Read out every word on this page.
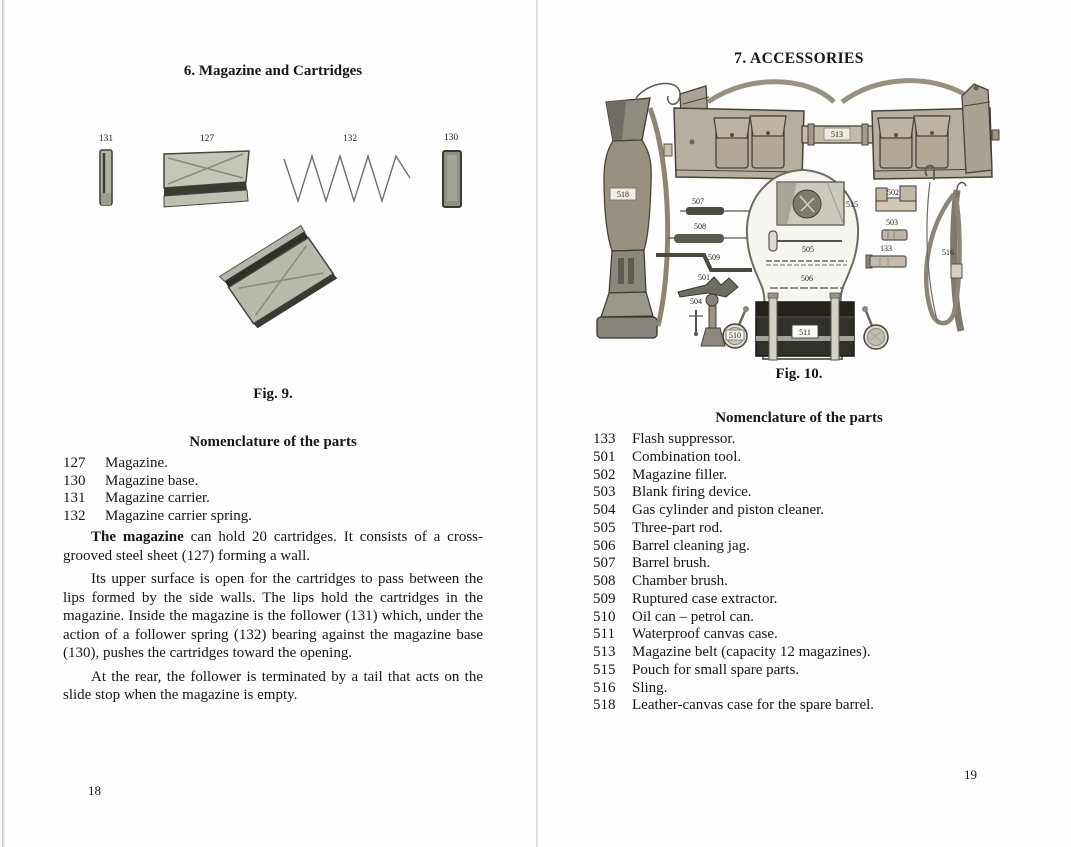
6. Magazine and Cartridges
131	127	132	130
Fig. 9.
Nomenclature of the parts
127	Magazine.
130	Magazine base.
131	Magazine carrier.
132	Magazine carrier spring.

The magazine can hold 20 cartridges. It consists of a cross-grooved steel sheet (127) forming a wall.

Its upper surface is open for the cartridges to pass between the lips formed by the side walls. The lips hold the cartridges in the magazine. Inside the magazine is the follower (131) which, under the action of a follower spring (132) bearing against the magazine base (130), pushes the cartridges toward the opening.

At the rear, the follower is terminated by a tail that acts on the slide stop when the magazine is empty.

18
7. ACCESSORIES
513
518
507
508
509
501
504
510
515
505
506
511
502
503
133	516
Fig. 10.
Nomenclature of the parts
133	Flash suppressor.
501	Combination tool.
502	Magazine filler.
503	Blank firing device.
504	Gas cylinder and piston cleaner.
505	Three-part rod.
506	Barrel cleaning jag.
507	Barrel brush.
508	Chamber brush.
509	Ruptured case extractor.
510	Oil can – petrol can.
511	Waterproof canvas case.
513	Magazine belt (capacity 12 magazines).
515	Pouch for small spare parts.
516	Sling.
518	Leather-canvas case for the spare barrel.
19
